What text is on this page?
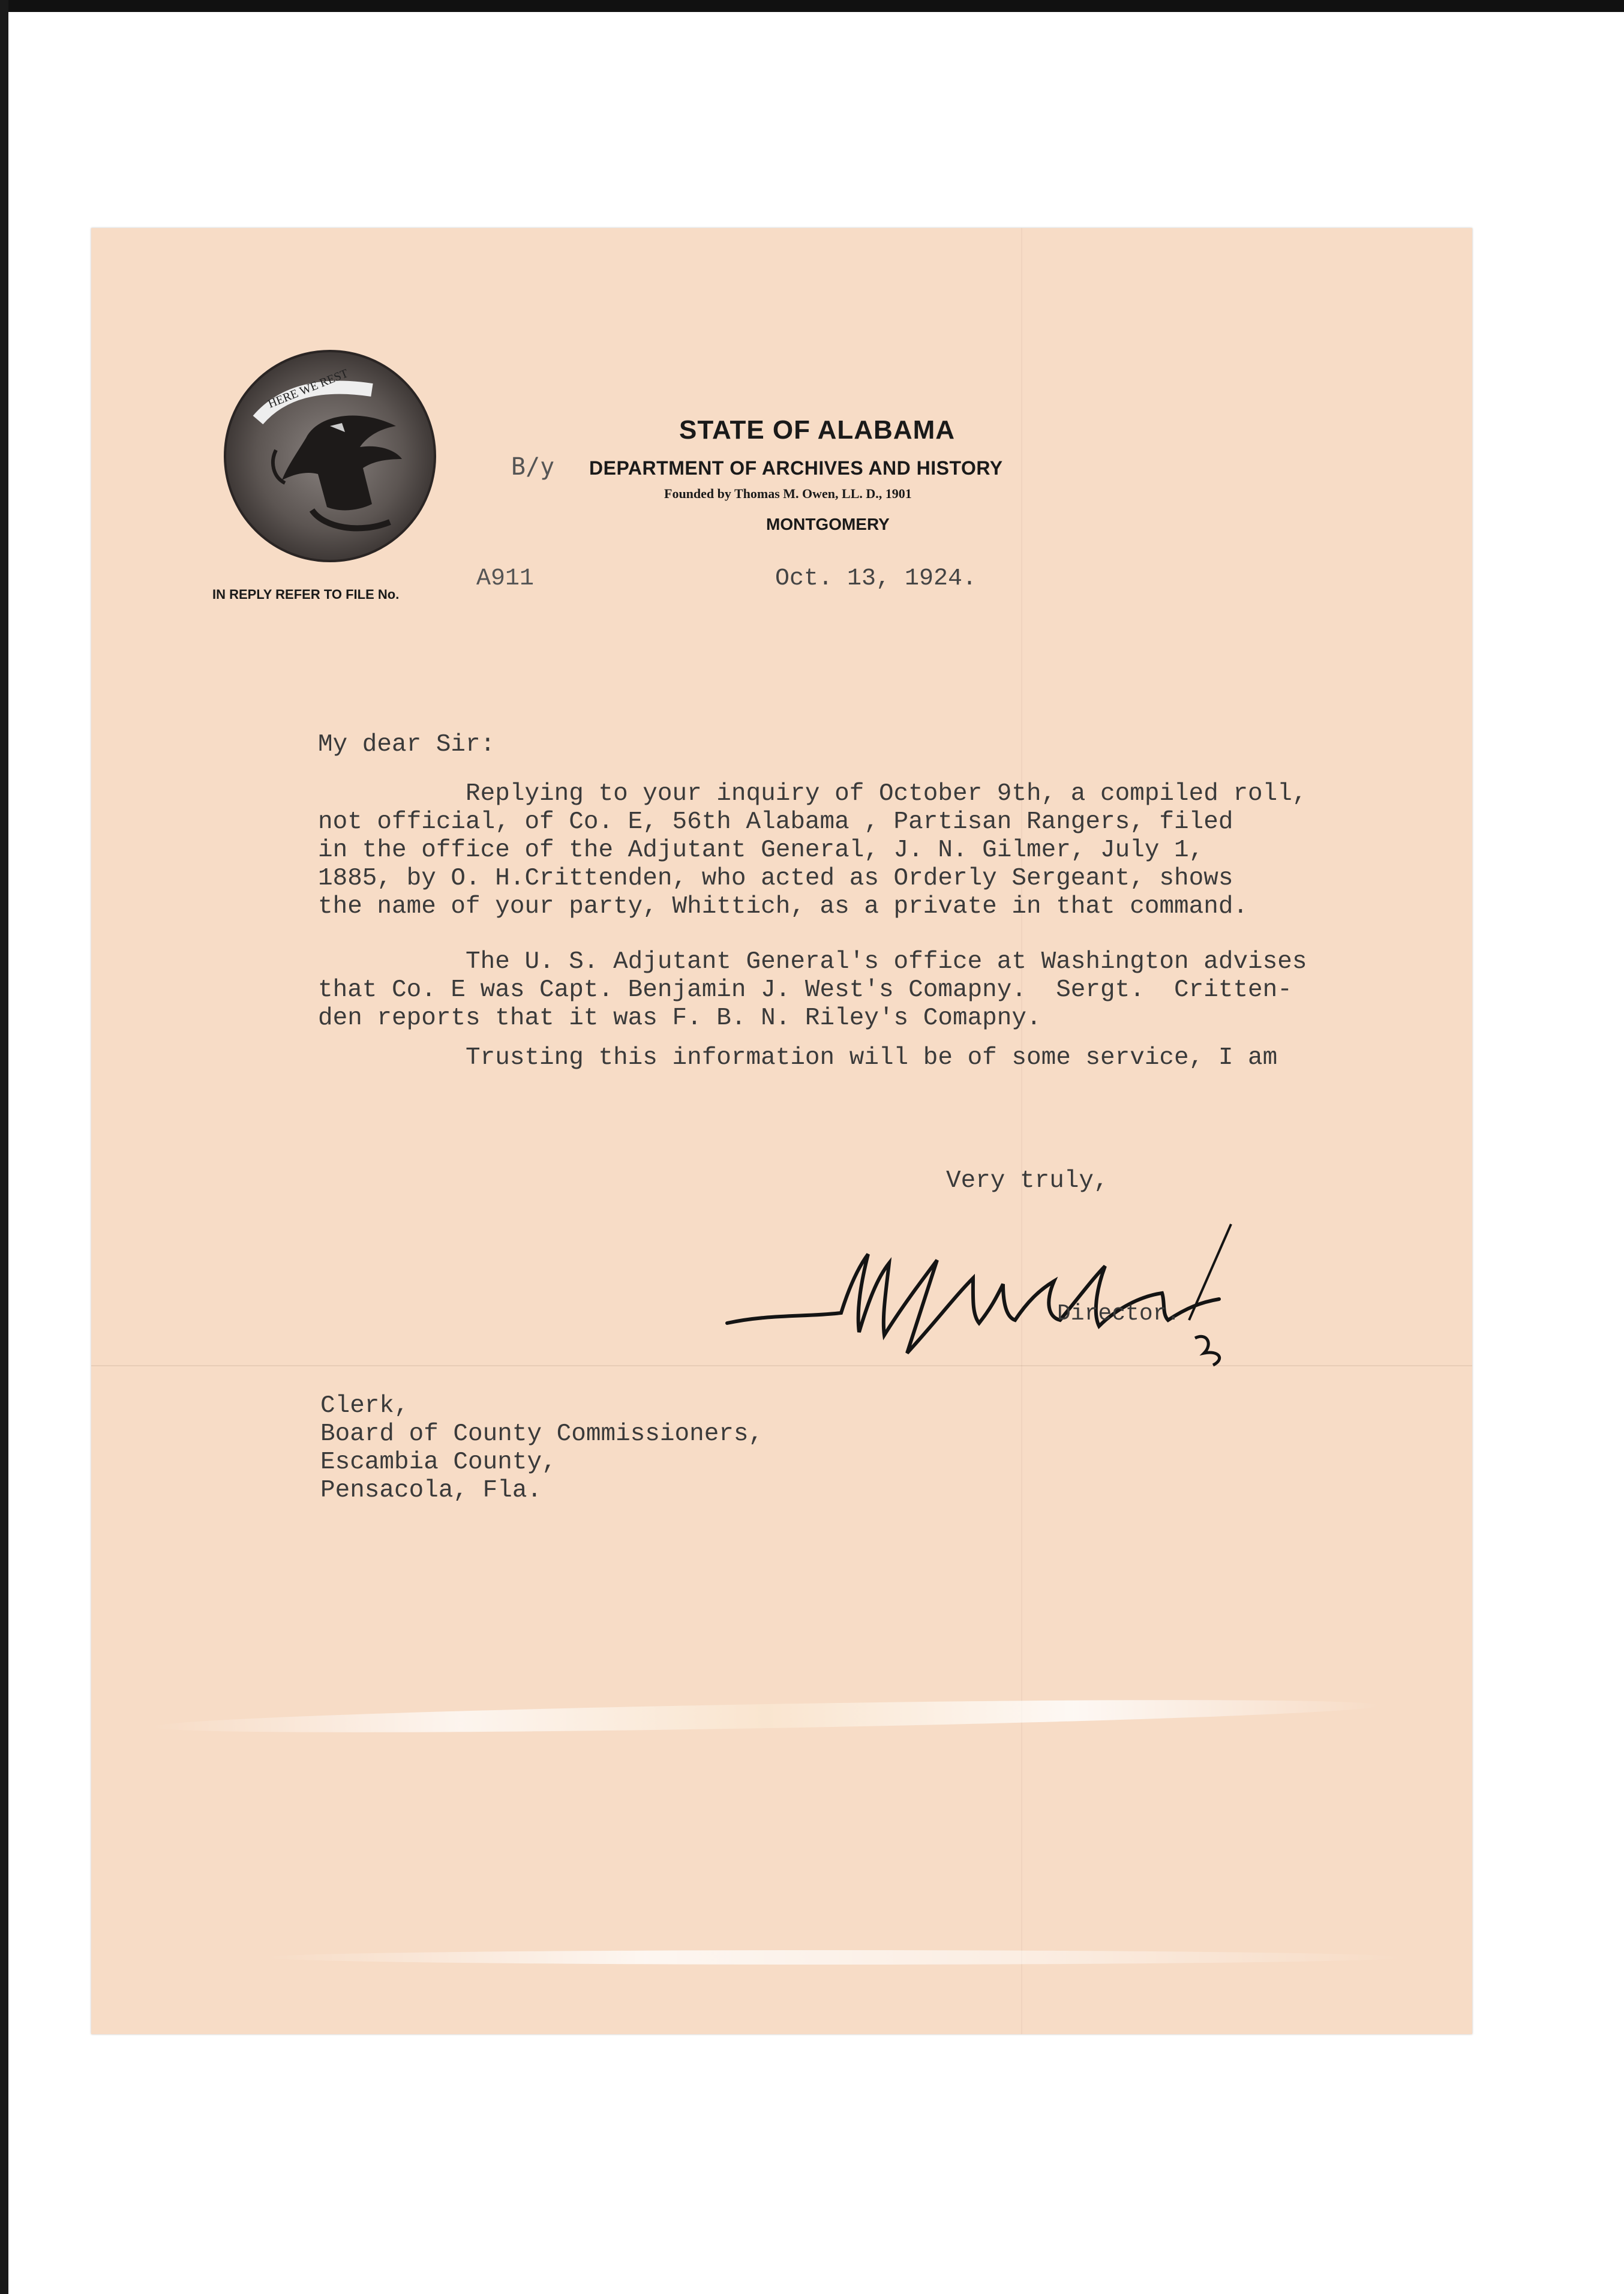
HERE WE REST
B/y
STATE OF ALABAMA
DEPARTMENT OF ARCHIVES AND HISTORY
Founded by Thomas M. Owen, LL. D., 1901
MONTGOMERY
IN REPLY REFER TO FILE No.
A911	Oct. 13, 1924.
My dear Sir:
Replying to your inquiry of October 9th, a compiled roll,
not official, of Co. E, 56th Alabama , Partisan Rangers, filed
in the office of the Adjutant General, J. N. Gilmer, July 1,
1885, by O. H.Crittenden, who acted as Orderly Sergeant, shows
the name of your party, Whittich, as a private in that command.
The U. S. Adjutant General's office at Washington advises
that Co. E was Capt. Benjamin J. West's Comapny.  Sergt.  Critten-
den reports that it was F. B. N. Riley's Comapny.
Trusting this information will be of some service, I am
Very truly,
Director.
Clerk,
Board of County Commissioners,
Escambia County,
Pensacola, Fla.
